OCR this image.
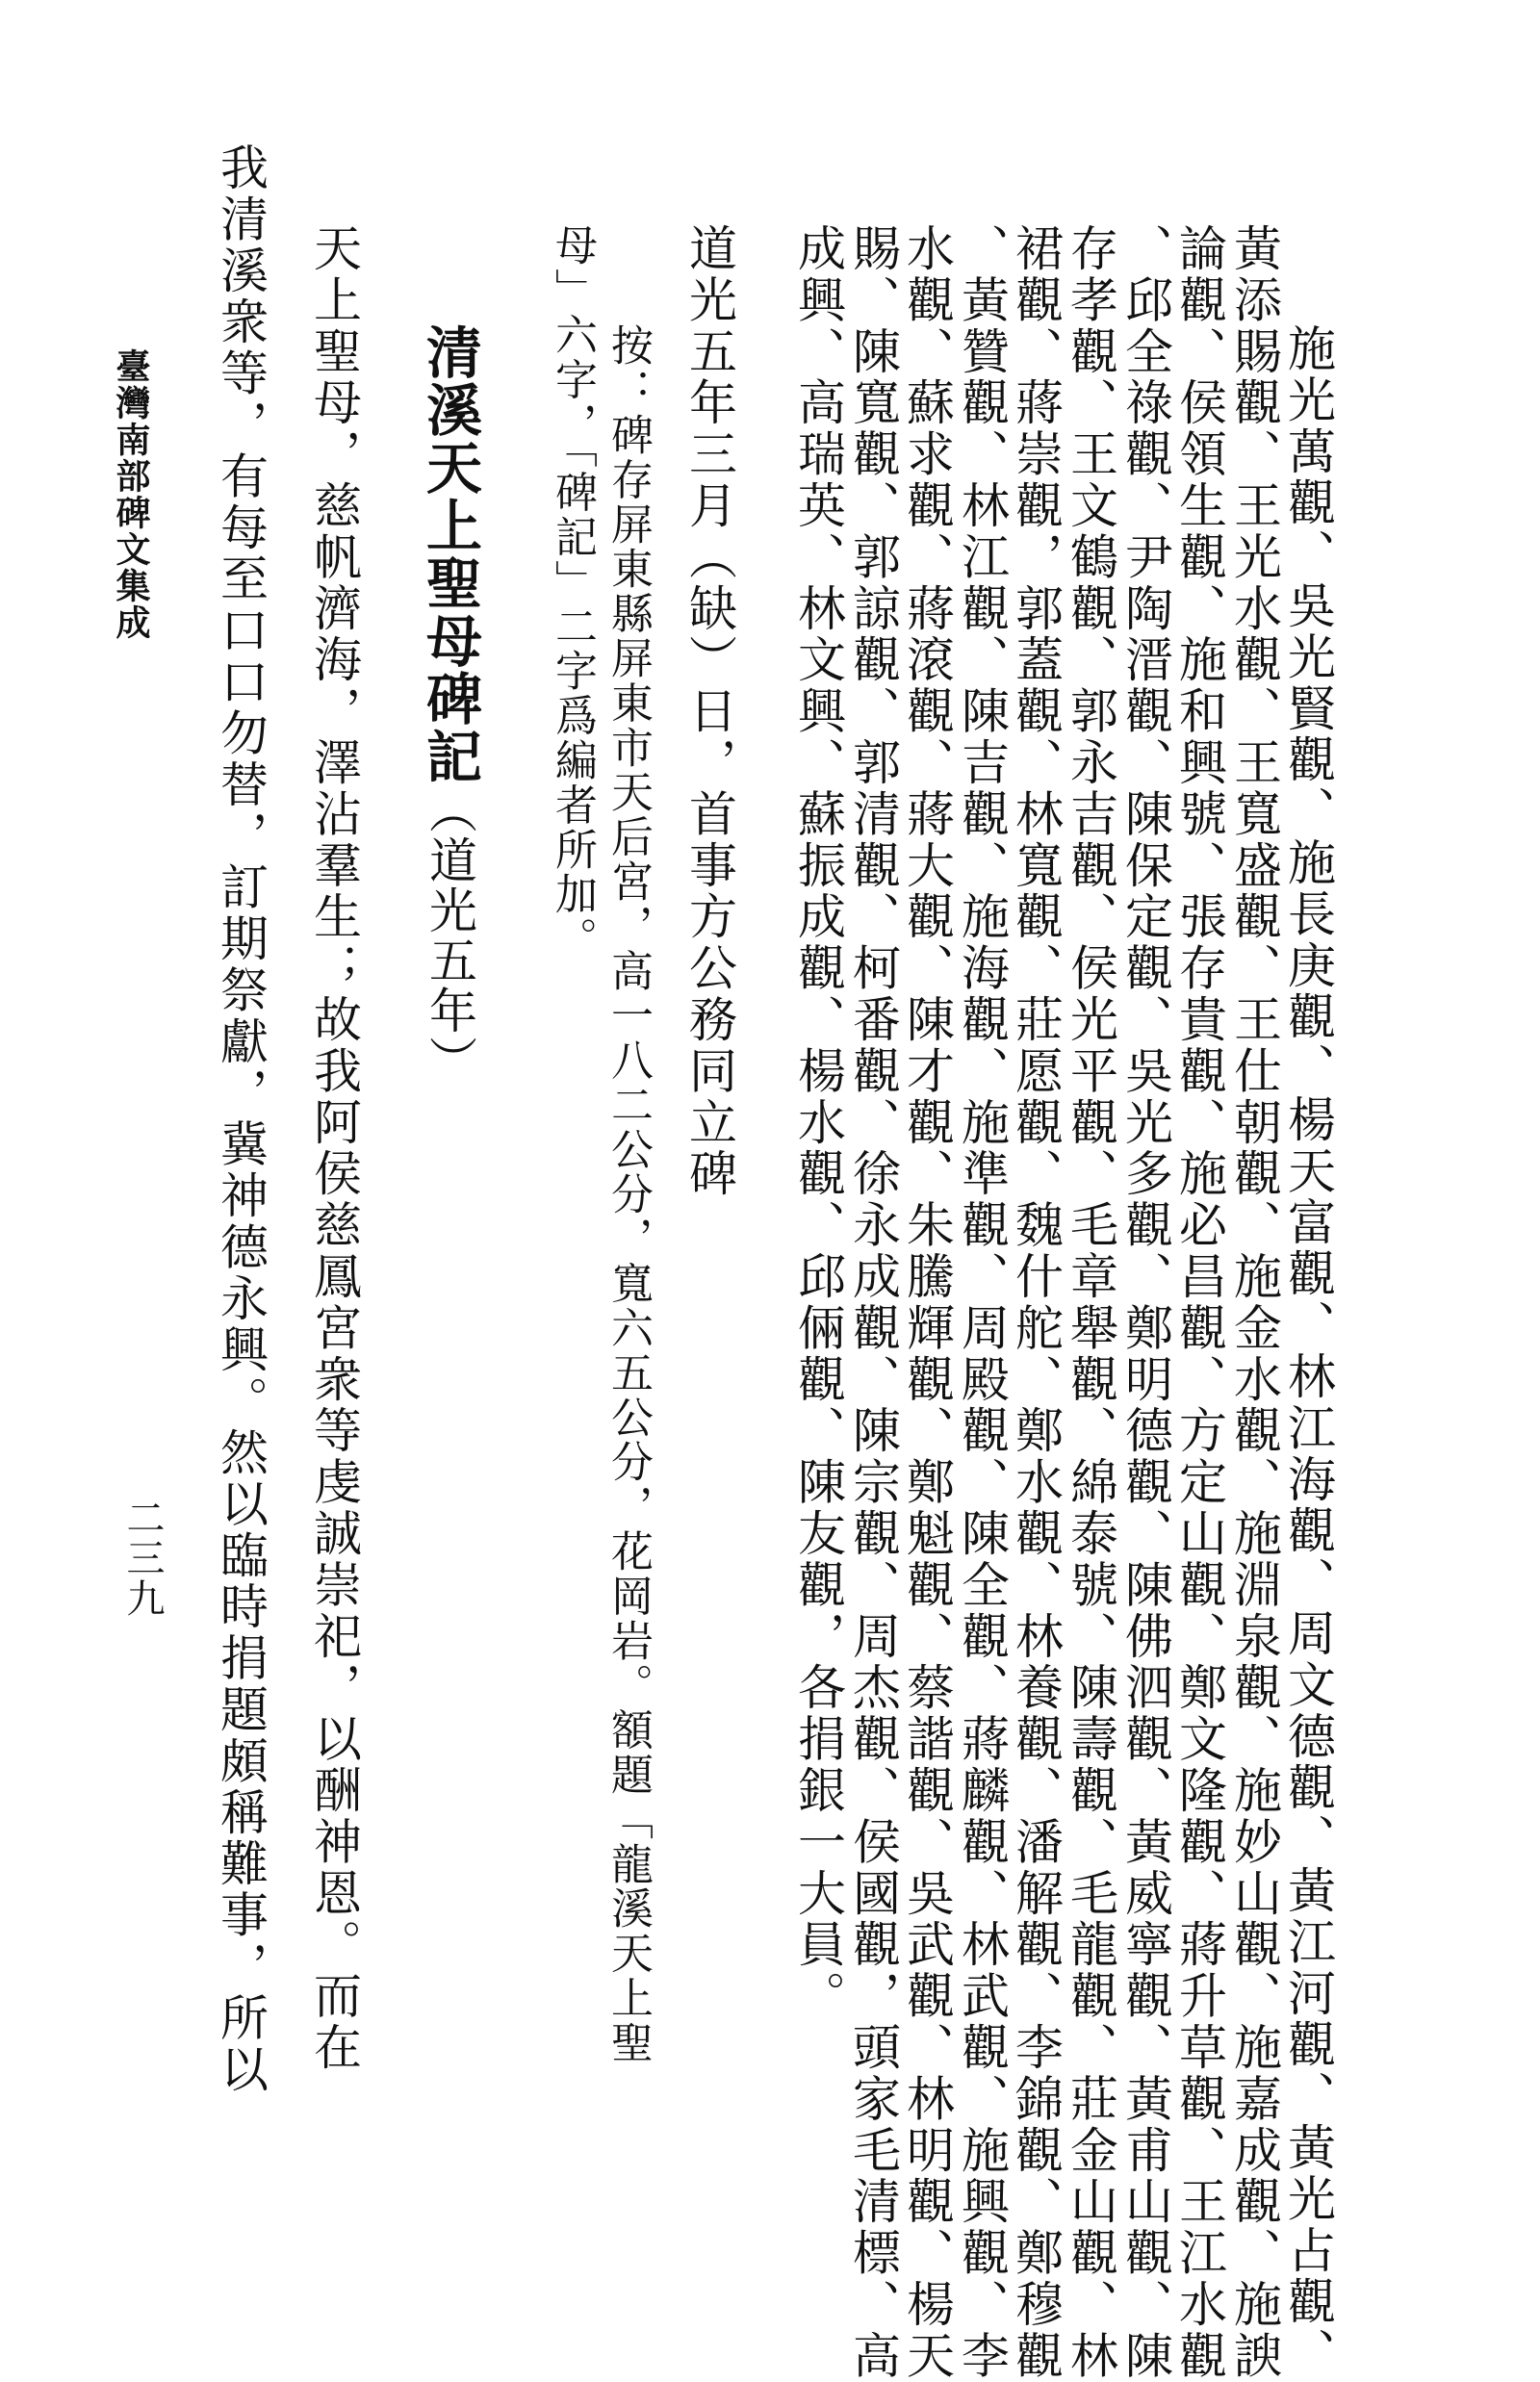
施光萬觀、吳光賢觀、施長庚觀、楊天富觀、林江海觀、周文德觀、黃江河觀、黃光占觀、
黃添賜觀、王光水觀、王寬盛觀、王仕朝觀、施金水觀、施淵泉觀、施妙山觀、施嘉成觀、施諛
論觀、侯領生觀、施和興號、張存貴觀、施必昌觀、方定山觀、鄭文隆觀、蔣升草觀、王江水觀
、邱全祿觀、尹陶溍觀、陳保定觀、吳光多觀、鄭明德觀、陳佛泗觀、黃威寧觀、黃甫山觀、陳
存孝觀、王文鶴觀、郭永吉觀、侯光平觀、毛章舉觀、綿泰號、陳壽觀、毛龍觀、莊金山觀、林
裙觀、蔣崇觀，郭蓋觀、林寬觀、莊愿觀、魏什舵、鄭水觀、林養觀、潘解觀、李錦觀、鄭穆觀
、黃贊觀、林江觀、陳吉觀、施海觀、施準觀、周殿觀、陳全觀、蔣麟觀、林武觀、施興觀、李
水觀、蘇求觀、蔣滾觀、蔣大觀、陳才觀、朱騰輝觀、鄭魁觀、蔡諧觀、吳武觀、林明觀、楊天
賜、陳寬觀、郭諒觀、郭清觀、柯番觀、徐永成觀、陳宗觀、周杰觀、侯國觀，頭家毛清標、高
成興、高瑞英、林文興、蘇振成觀、楊水觀、邱倆觀、陳友觀，各捐銀一大員。
道光五年三月（缺）日，首事方公務同立碑
按：碑存屏東縣屏東市天后宮，高一八二公分，寬六五公分，花岡岩。額題「龍溪天上聖
母」六字，「碑記」二字爲編者所加。
清溪天上聖母碑記（道光五年）
天上聖母，慈帆濟海，澤沾羣生；故我阿侯慈鳳宮衆等虔誠崇祀，以酬神恩。而在
我清溪衆等，有每至口口勿替，訂期祭獻，冀神德永興。然以臨時捐題頗稱難事，所以
臺灣南部碑文集成
二三九
